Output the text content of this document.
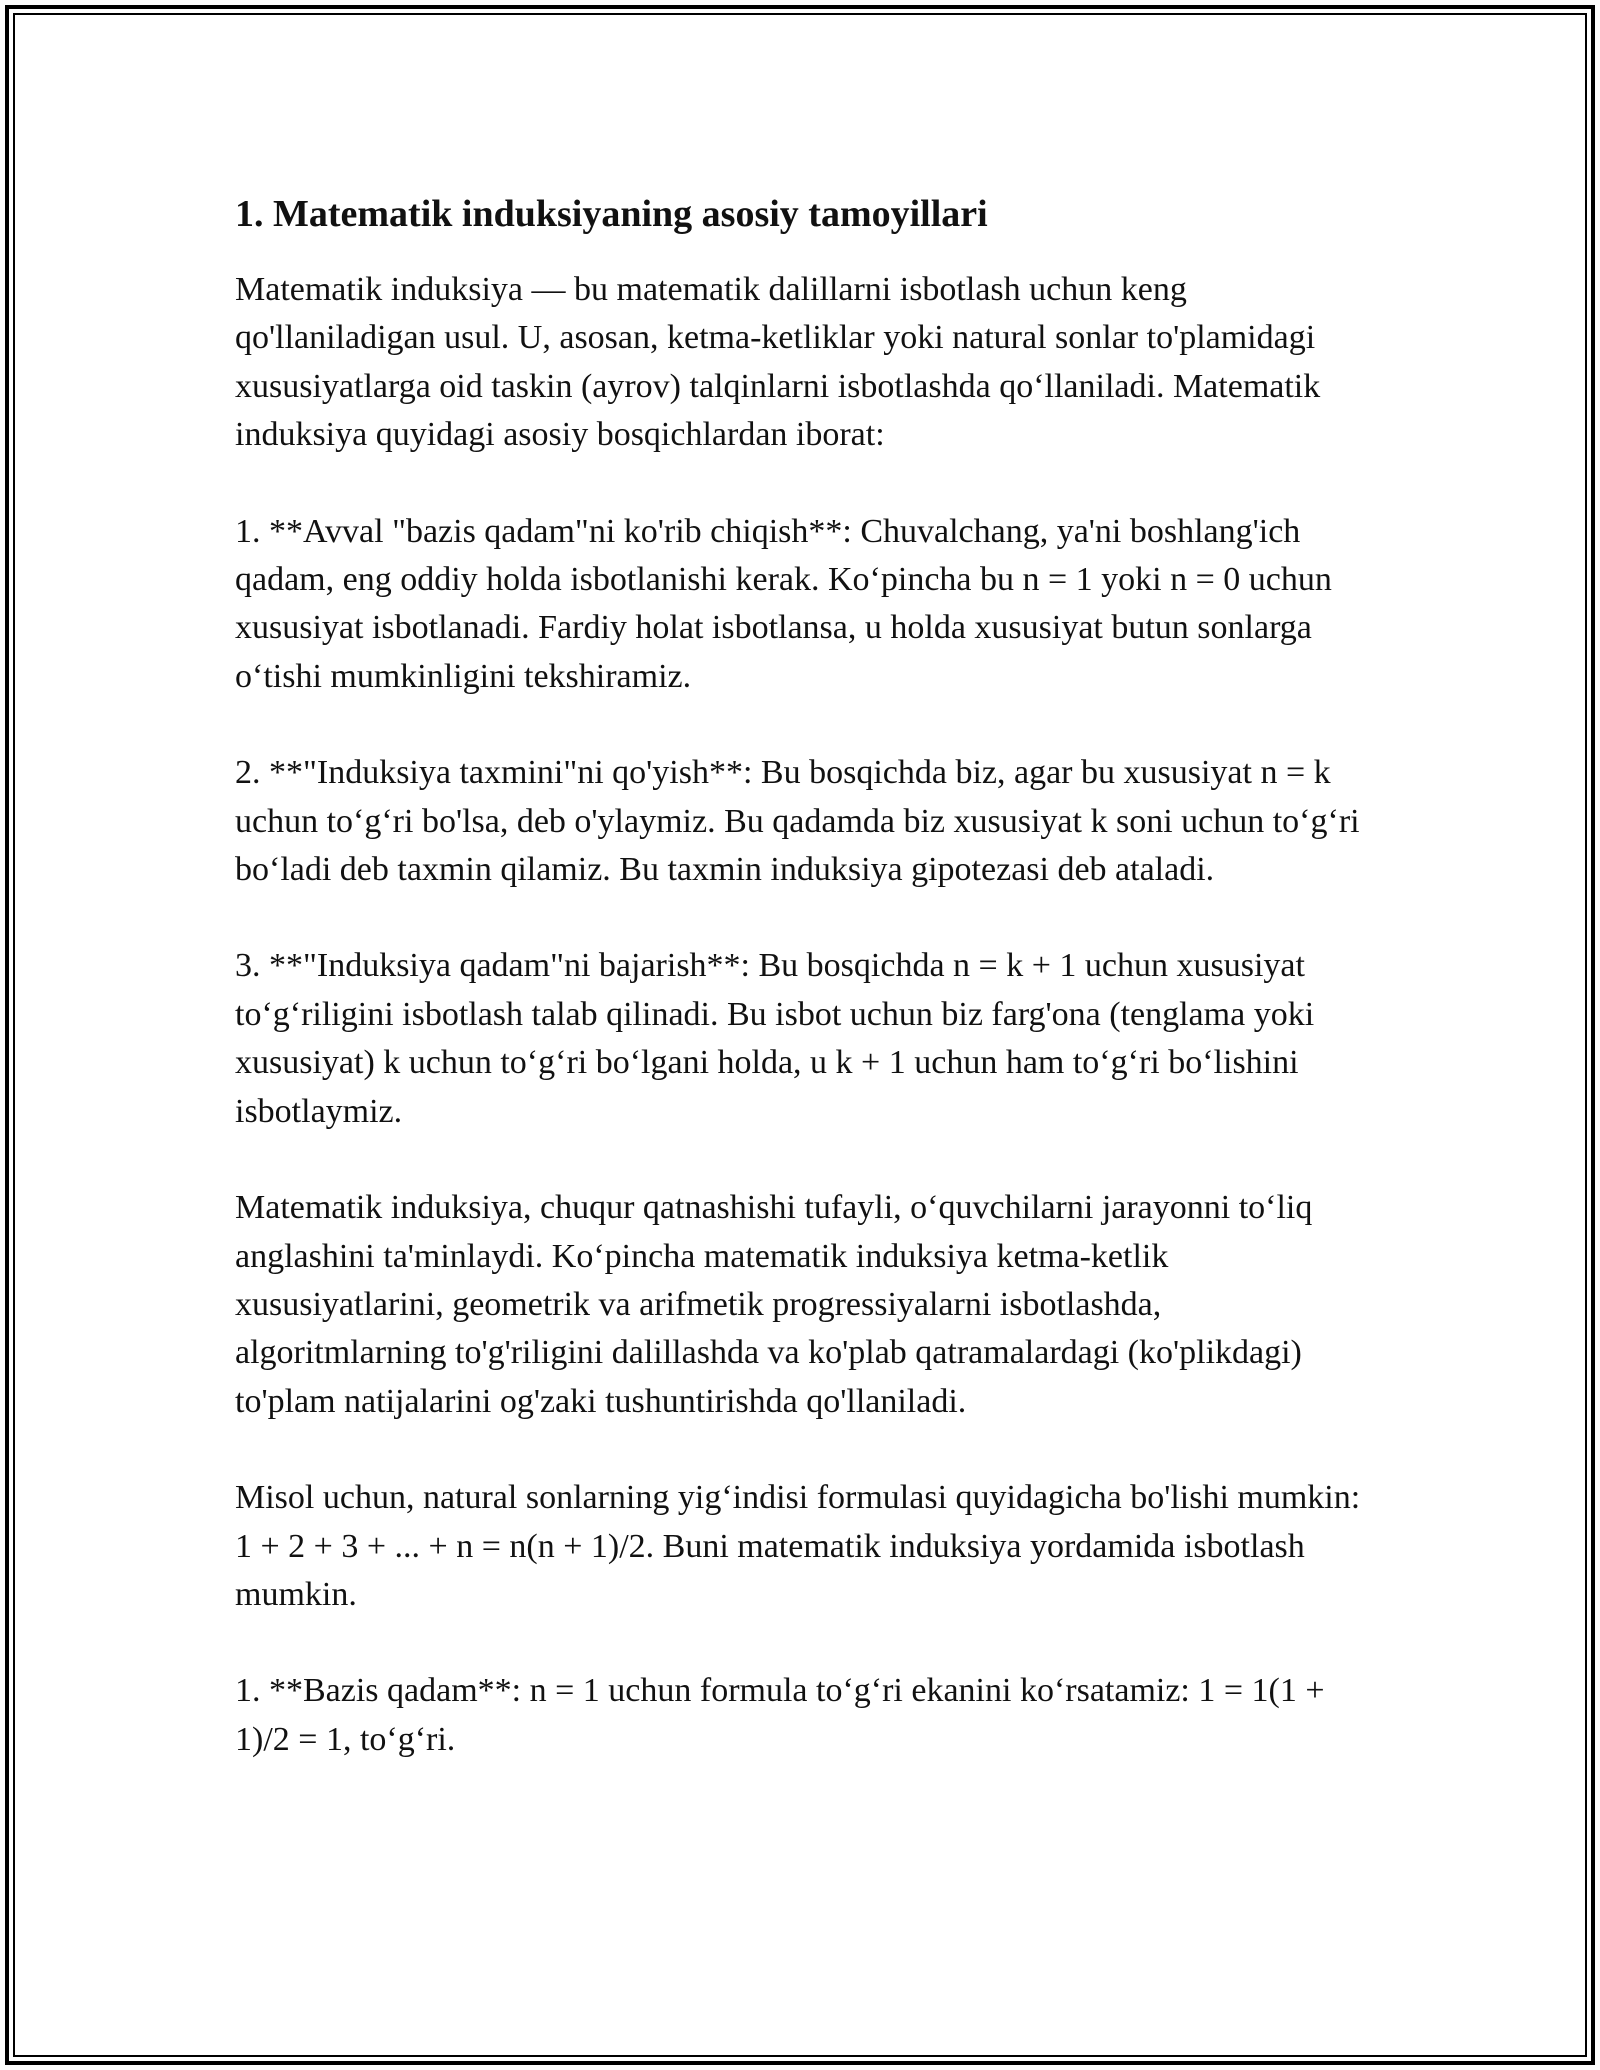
1. Matematik induksiyaning asosiy tamoyillari

Matematik induksiya — bu matematik dalillarni isbotlash uchun keng qo'llaniladigan usul. U, asosan, ketma-ketliklar yoki natural sonlar to'plamidagi xususiyatlarga oid taskin (ayrov) talqinlarni isbotlashda qo‘llaniladi. Matematik induksiya quyidagi asosiy bosqichlardan iborat:

1. **Avval "bazis qadam"ni ko'rib chiqish**: Chuvalchang, ya'ni boshlang'ich qadam, eng oddiy holda isbotlanishi kerak. Ko‘pincha bu n = 1 yoki n = 0 uchun xususiyat isbotlanadi. Fardiy holat isbotlansa, u holda xususiyat butun sonlarga o‘tishi mumkinligini tekshiramiz.

2. **"Induksiya taxmini"ni qo'yish**: Bu bosqichda biz, agar bu xususiyat n = k uchun to‘g‘ri bo'lsa, deb o'ylaymiz. Bu qadamda biz xususiyat k soni uchun to‘g‘ri bo‘ladi deb taxmin qilamiz. Bu taxmin induksiya gipotezasi deb ataladi.

3. **"Induksiya qadam"ni bajarish**: Bu bosqichda n = k + 1 uchun xususiyat to‘g‘riligini isbotlash talab qilinadi. Bu isbot uchun biz farg'ona (tenglama yoki xususiyat) k uchun to‘g‘ri bo‘lgani holda, u k + 1 uchun ham to‘g‘ri bo‘lishini isbotlaymiz.

Matematik induksiya, chuqur qatnashishi tufayli, o‘quvchilarni jarayonni to‘liq anglashini ta'minlaydi. Ko‘pincha matematik induksiya ketma-ketlik xususiyatlarini, geometrik va arifmetik progressiyalarni isbotlashda, algoritmlarning to'g'riligini dalillashda va ko'plab qatramalardagi (ko'plikdagi) to'plam natijalarini og'zaki tushuntirishda qo'llaniladi.

Misol uchun, natural sonlarning yig‘indisi formulasi quyidagicha bo'lishi mumkin: 1 + 2 + 3 + ... + n = n(n + 1)/2. Buni matematik induksiya yordamida isbotlash mumkin.

1. **Bazis qadam**: n = 1 uchun formula to‘g‘ri ekanini ko‘rsatamiz: 1 = 1(1 + 1)/2 = 1, to‘g‘ri.
